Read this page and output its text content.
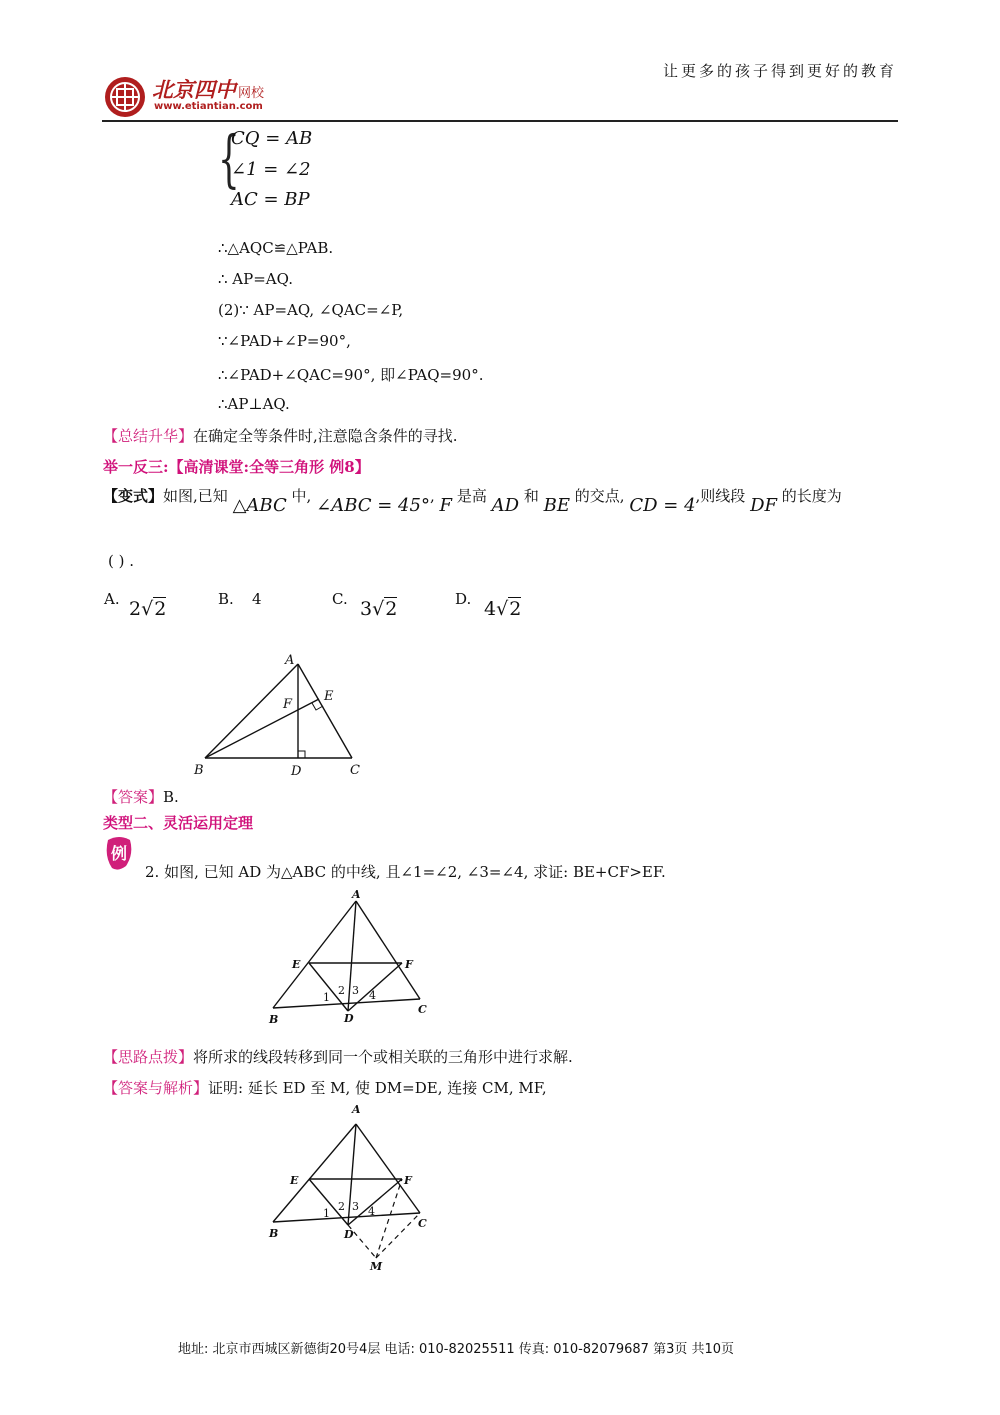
让更多的孩子得到更好的教育
北京四中 网校
www.etiantian.com
{
CQ = AB
∠1 = ∠2
AC = BP
∴△AQC≌△PAB.
∴ AP=AQ.
(2)∵ AP=AQ, ∠QAC=∠P,
∵∠PAD+∠P=90°,
∴∠PAD+∠QAC=90°, 即∠PAQ=90°.
∴AP⊥AQ.
【总结升华】在确定全等条件时,注意隐含条件的寻找.
举一反三:【高清课堂:全等三角形 例8】
【变式】如图,已知 △ABC 中, ∠ABC = 45°, F 是高 AD 和 BE 的交点, CD = 4,则线段 DF 的长度为
( ) .
A. 2√2	B. 4	C. 3√2	D. 4√2
A
B	C
D
E
F
【答案】B.
类型二、灵活运用定理
例
2. 如图, 已知 AD 为△ABC 的中线, 且∠1=∠2, ∠3=∠4, 求证: BE+CF>EF.
A
B
C
D
E	F
1
2 3 4
【思路点拨】将所求的线段转移到同一个或相关联的三角形中进行求解.
【答案与解析】证明: 延长 ED 至 M, 使 DM=DE, 连接 CM, MF,
A
B
C
D
E	F
M
1
2 3 4
地址: 北京市西城区新德街20号4层 电话: 010-82025511 传真: 010-82079687 第3页 共10页
